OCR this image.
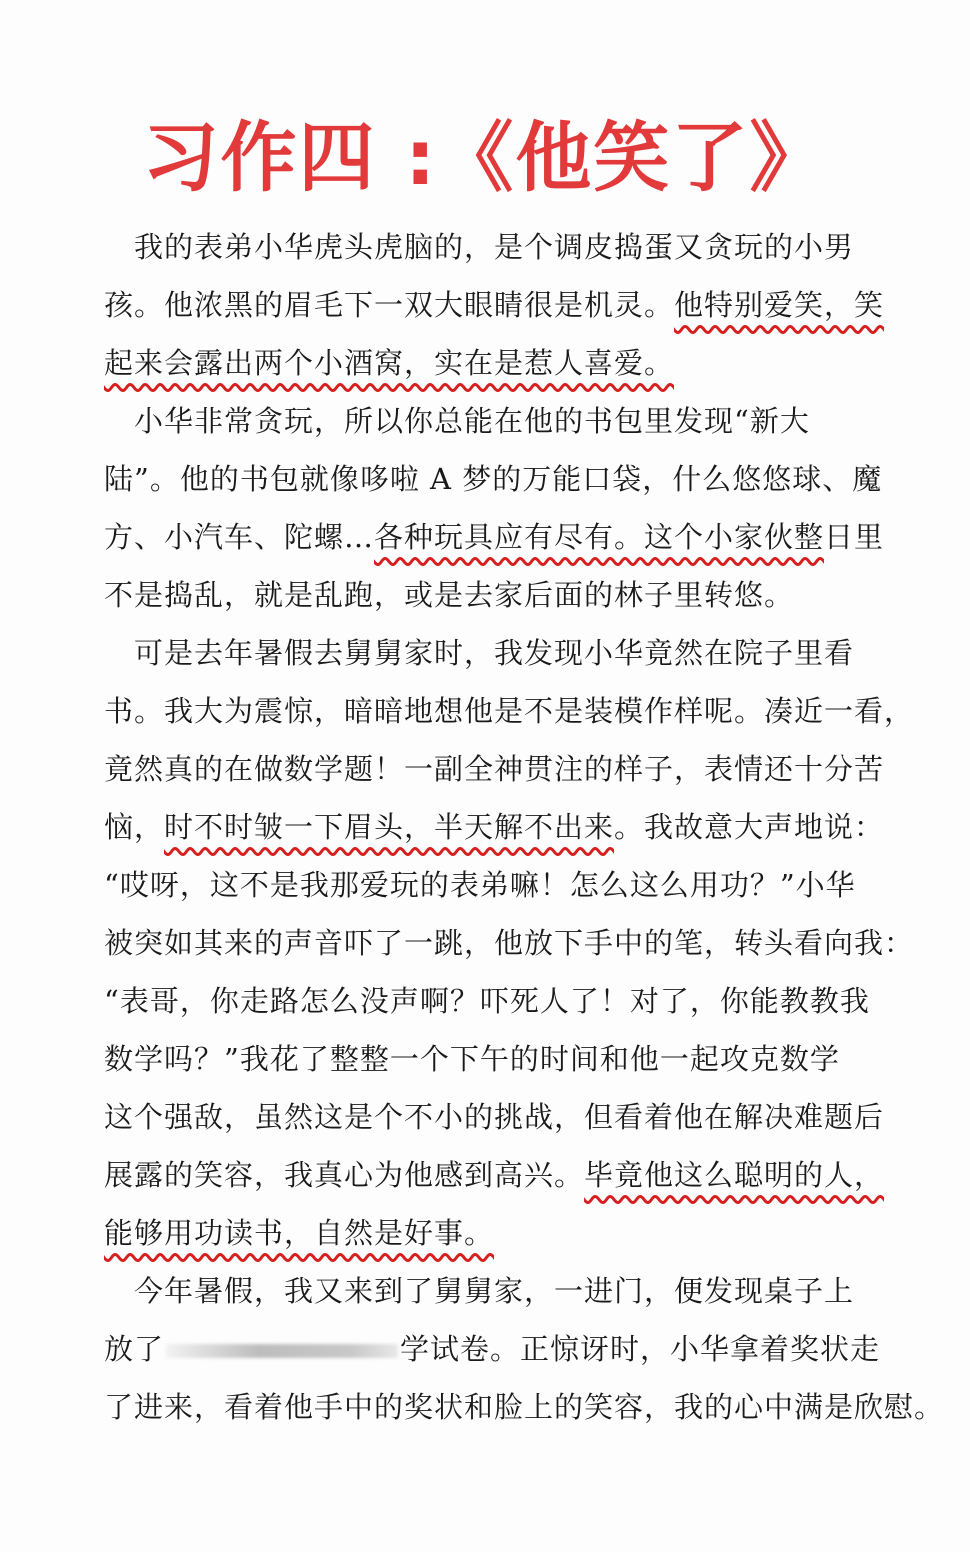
习作四 :《他笑了》
　我的表弟小华虎头虎脑的，是个调皮捣蛋又贪玩的小男
孩。他浓黑的眉毛下一双大眼睛很是机灵。他特别爱笑，笑
起来会露出两个小酒窝，实在是惹人喜爱。
　小华非常贪玩，所以你总能在他的书包里发现“新大
陆”。他的书包就像哆啦 A 梦的万能口袋，什么悠悠球、魔
方、小汽车、陀螺…各种玩具应有尽有。这个小家伙整日里
不是捣乱，就是乱跑，或是去家后面的林子里转悠。
　可是去年暑假去舅舅家时，我发现小华竟然在院子里看
书。我大为震惊，暗暗地想他是不是装模作样呢。凑近一看，
竟然真的在做数学题！一副全神贯注的样子，表情还十分苦
恼，时不时皱一下眉头，半天解不出来。我故意大声地说：
“哎呀，这不是我那爱玩的表弟嘛！怎么这么用功？”小华
被突如其来的声音吓了一跳，他放下手中的笔，转头看向我：
“表哥，你走路怎么没声啊？吓死人了！对了，你能教教我
数学吗？”我花了整整一个下午的时间和他一起攻克数学
这个强敌，虽然这是个不小的挑战，但看着他在解决难题后
展露的笑容，我真心为他感到高兴。毕竟他这么聪明的人，
能够用功读书，自然是好事。
　今年暑假，我又来到了舅舅家，一进门，便发现桌子上
放了	学试卷。正惊讶时，小华拿着奖状走
了进来，看着他手中的奖状和脸上的笑容，我的心中满是欣慰。
